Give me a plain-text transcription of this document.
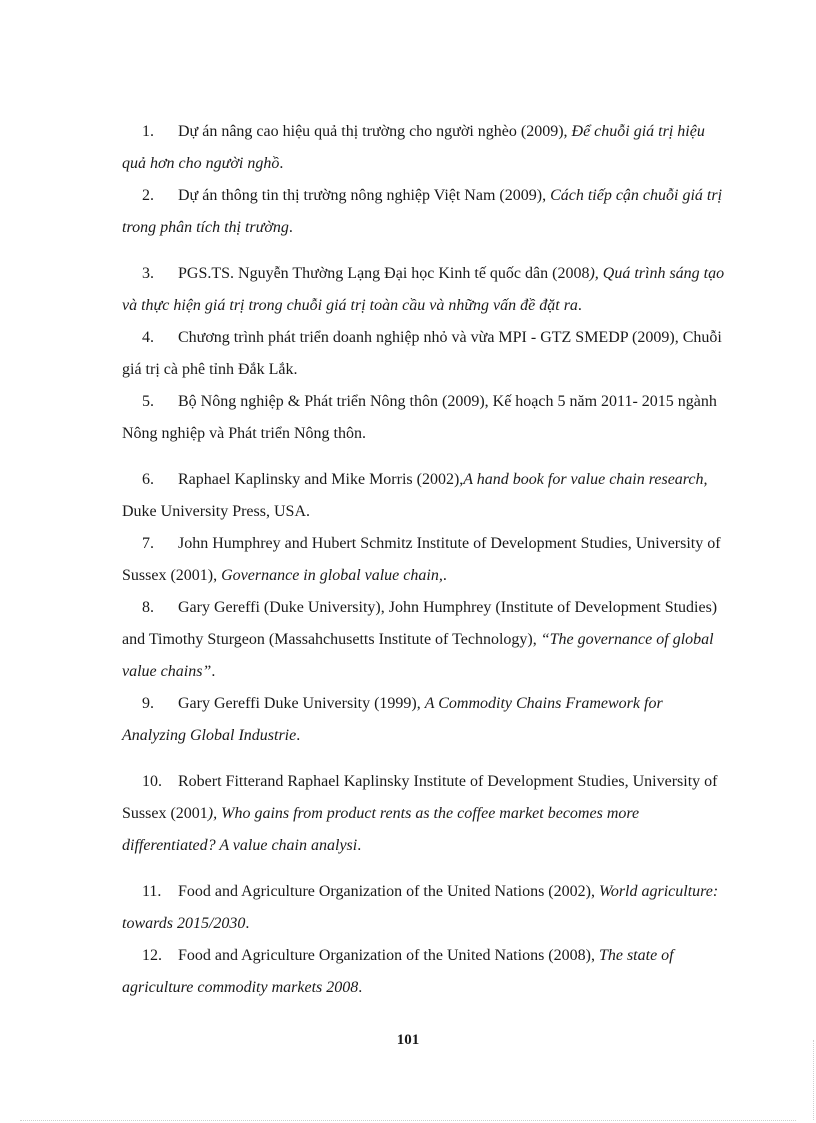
1. Dự án nâng cao hiệu quả thị trường cho người nghèo (2009), Để chuỗi giá trị hiệu quả hơn cho người nghồ.

2. Dự án thông tin thị trường nông nghiệp Việt Nam (2009), Cách tiếp cận chuỗi giá trị trong phân tích thị trường.

3. PGS.TS. Nguyễn Thường Lạng Đại học Kinh tế quốc dân (2008), Quá trình sáng tạo và thực hiện giá trị trong chuỗi giá trị toàn cầu và những vấn đề đặt ra.

4. Chương trình phát triển doanh nghiệp nhỏ và vừa MPI - GTZ SMEDP (2009), Chuỗi giá trị cà phê tỉnh Đắk Lắk.

5. Bộ Nông nghiệp & Phát triển Nông thôn (2009), Kế hoạch 5 năm 2011- 2015 ngành Nông nghiệp và Phát triển Nông thôn.

6. Raphael Kaplinsky and Mike Morris (2002),A hand book for value chain research, Duke University Press, USA.

7. John Humphrey and Hubert Schmitz Institute of Development Studies, University of Sussex (2001), Governance in global value chain,.

8. Gary Gereffi (Duke University), John Humphrey (Institute of Development Studies) and Timothy Sturgeon (Massahchusetts Institute of Technology), “The governance of global value chains”.

9. Gary Gereffi Duke University (1999), A Commodity Chains Framework for Analyzing Global Industrie.

10. Robert Fitterand Raphael Kaplinsky Institute of Development Studies, University of Sussex (2001), Who gains from product rents as the coffee market becomes more differentiated? A value chain analysi.

11. Food and Agriculture Organization of the United Nations (2002), World agriculture: towards 2015/2030.

12. Food and Agriculture Organization of the United Nations (2008), The state of agriculture commodity markets 2008.

101
